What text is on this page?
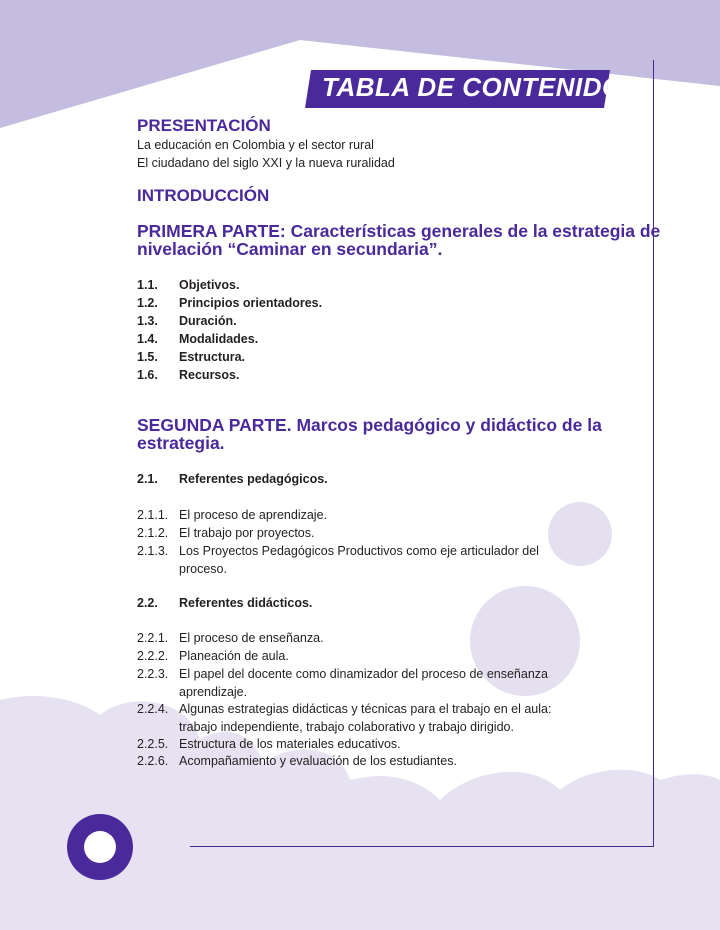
TABLA DE CONTENIDO
PRESENTACIÓN
La educación en Colombia y el sector rural
El ciudadano del siglo XXI y la nueva ruralidad
INTRODUCCIÓN
PRIMERA PARTE: Características generales de la estrategia de
nivelación “Caminar en secundaria”.
1.1.	Objetivos.
1.2.	Principios orientadores.
1.3.	Duración.
1.4.	Modalidades.
1.5.	Estructura.
1.6.	Recursos.
SEGUNDA PARTE. Marcos pedagógico y didáctico de la
estrategia.
2.1.	Referentes pedagógicos.
2.1.1. El proceso de aprendizaje.
2.1.2. El trabajo por proyectos.
2.1.3. Los Proyectos Pedagógicos Productivos como eje articulador del
proceso.
2.2.	Referentes didácticos.
2.2.1. El proceso de enseñanza.
2.2.2. Planeación de aula.
2.2.3. El papel del docente como dinamizador del proceso de enseñanza
aprendizaje.
2.2.4. Algunas estrategias didácticas y técnicas para el trabajo en el aula:
trabajo independiente, trabajo colaborativo y trabajo dirigido.
2.2.5. Estructura de los materiales educativos.
2.2.6. Acompañamiento y evaluación de los estudiantes.
